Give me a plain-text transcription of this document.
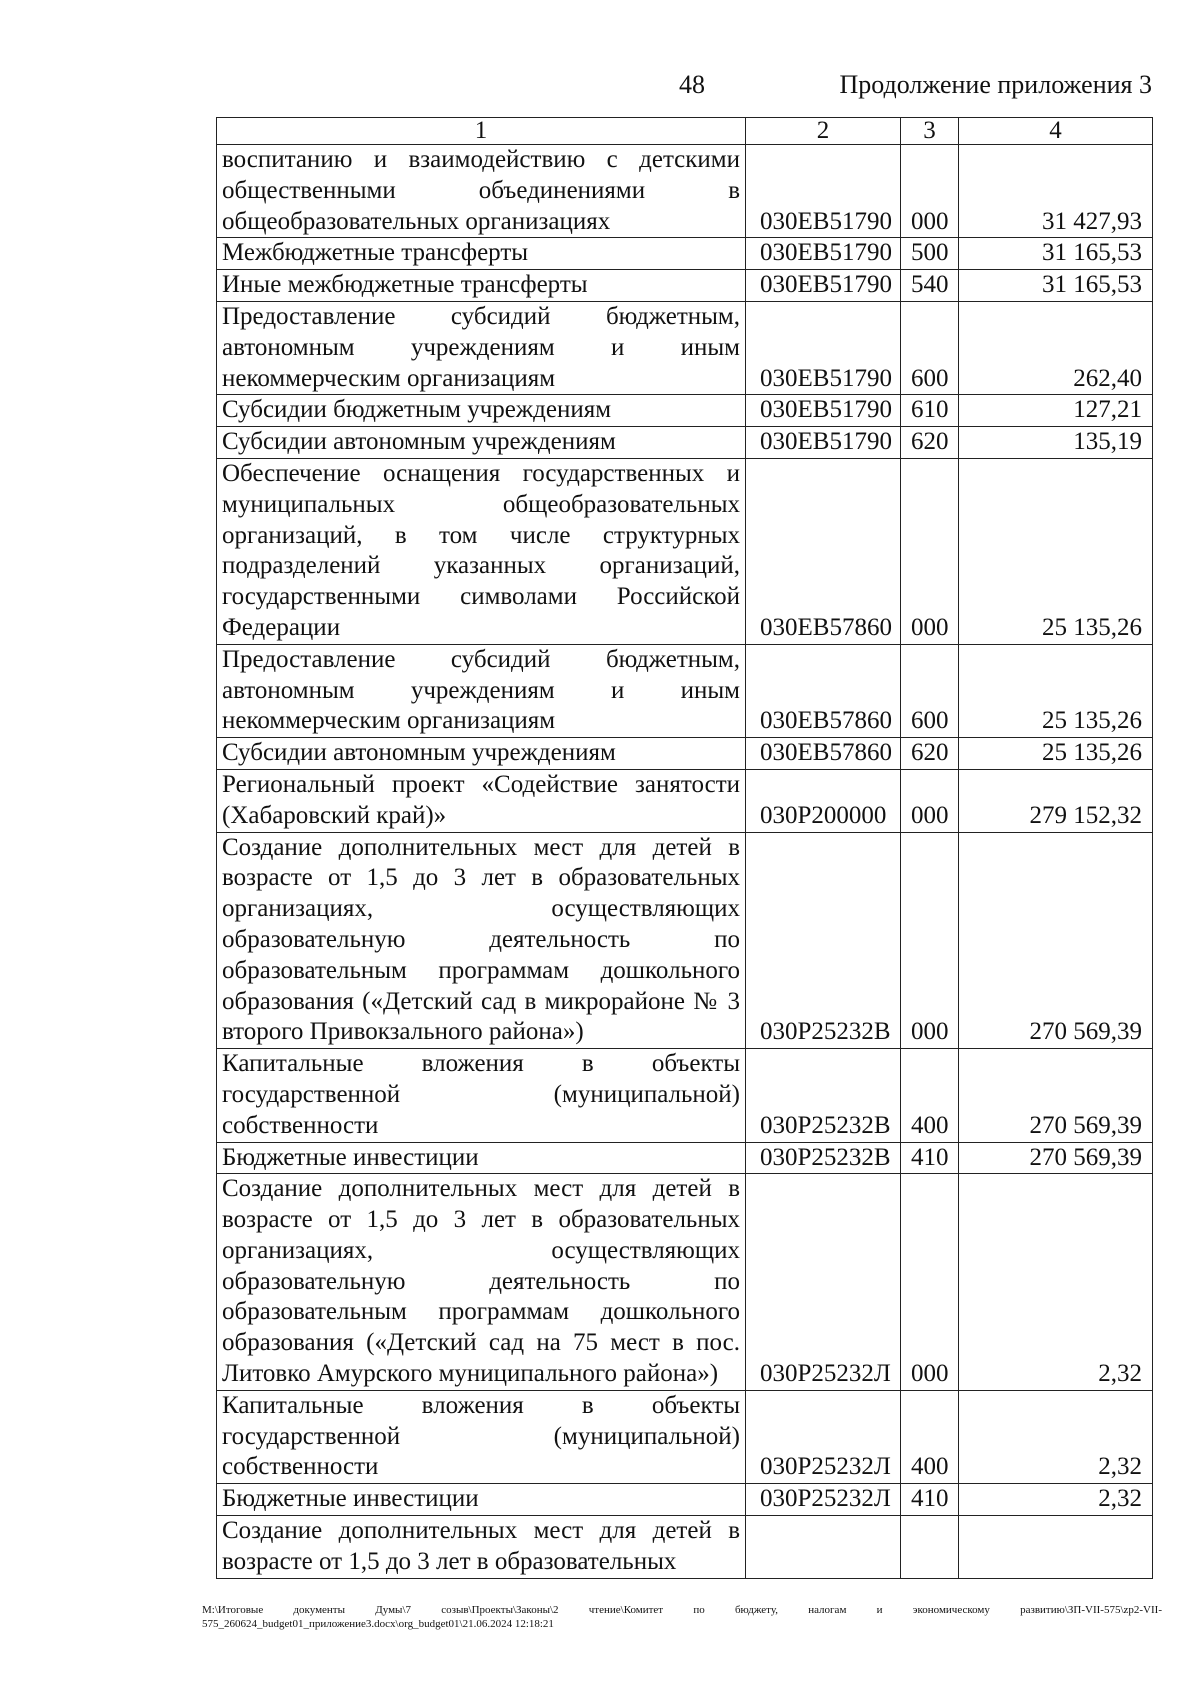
48	Продолжение приложения 3
1	2	3	4
воспитанию и взаимодействию с детскими общественными объединениями в общеобразовательных организациях	030ЕВ51790	000	31 427,93
Межбюджетные трансферты	030ЕВ51790	500	31 165,53
Иные межбюджетные трансферты	030ЕВ51790	540	31 165,53
Предоставление субсидий бюджетным, автономным учреждениям и иным некоммерческим организациям	030ЕВ51790	600	262,40
Субсидии бюджетным учреждениям	030ЕВ51790	610	127,21
Субсидии автономным учреждениям	030ЕВ51790	620	135,19
Обеспечение оснащения государственных и муниципальных общеобразовательных организаций, в том числе структурных подразделений указанных организаций, государственными символами Российской Федерации	030ЕВ57860	000	25 135,26
Предоставление субсидий бюджетным, автономным учреждениям и иным некоммерческим организациям	030ЕВ57860	600	25 135,26
Субсидии автономным учреждениям	030ЕВ57860	620	25 135,26
Региональный проект «Содействие занятости (Хабаровский край)»	030Р200000	000	279 152,32
Создание дополнительных мест для детей в возрасте от 1,5 до 3 лет в образовательных организациях, осуществляющих образовательную деятельность по образовательным программам дошкольного образования («Детский сад в микрорайоне № 3 второго Привокзального района»)	030Р25232В	000	270 569,39
Капитальные вложения в объекты государственной (муниципальной) собственности	030Р25232В	400	270 569,39
Бюджетные инвестиции	030Р25232В	410	270 569,39
Создание дополнительных мест для детей в возрасте от 1,5 до 3 лет в образовательных организациях, осуществляющих образовательную деятельность по образовательным программам дошкольного образования («Детский сад на 75 мест в пос. Литовко Амурского муниципального района»)	030Р25232Л	000	2,32
Капитальные вложения в объекты государственной (муниципальной) собственности	030Р25232Л	400	2,32
Бюджетные инвестиции	030Р25232Л	410	2,32
Создание дополнительных мест для детей в возрасте от 1,5 до 3 лет в образовательных			
M:\Итоговые документы Думы\7 созыв\Проекты\Законы\2 чтение\Комитет по бюджету, налогам и экономическому развитию\ЗП-VII-575\zp2-VII-575_260624_budget01_приложение3.docx\org_budget01\21.06.2024 12:18:21
